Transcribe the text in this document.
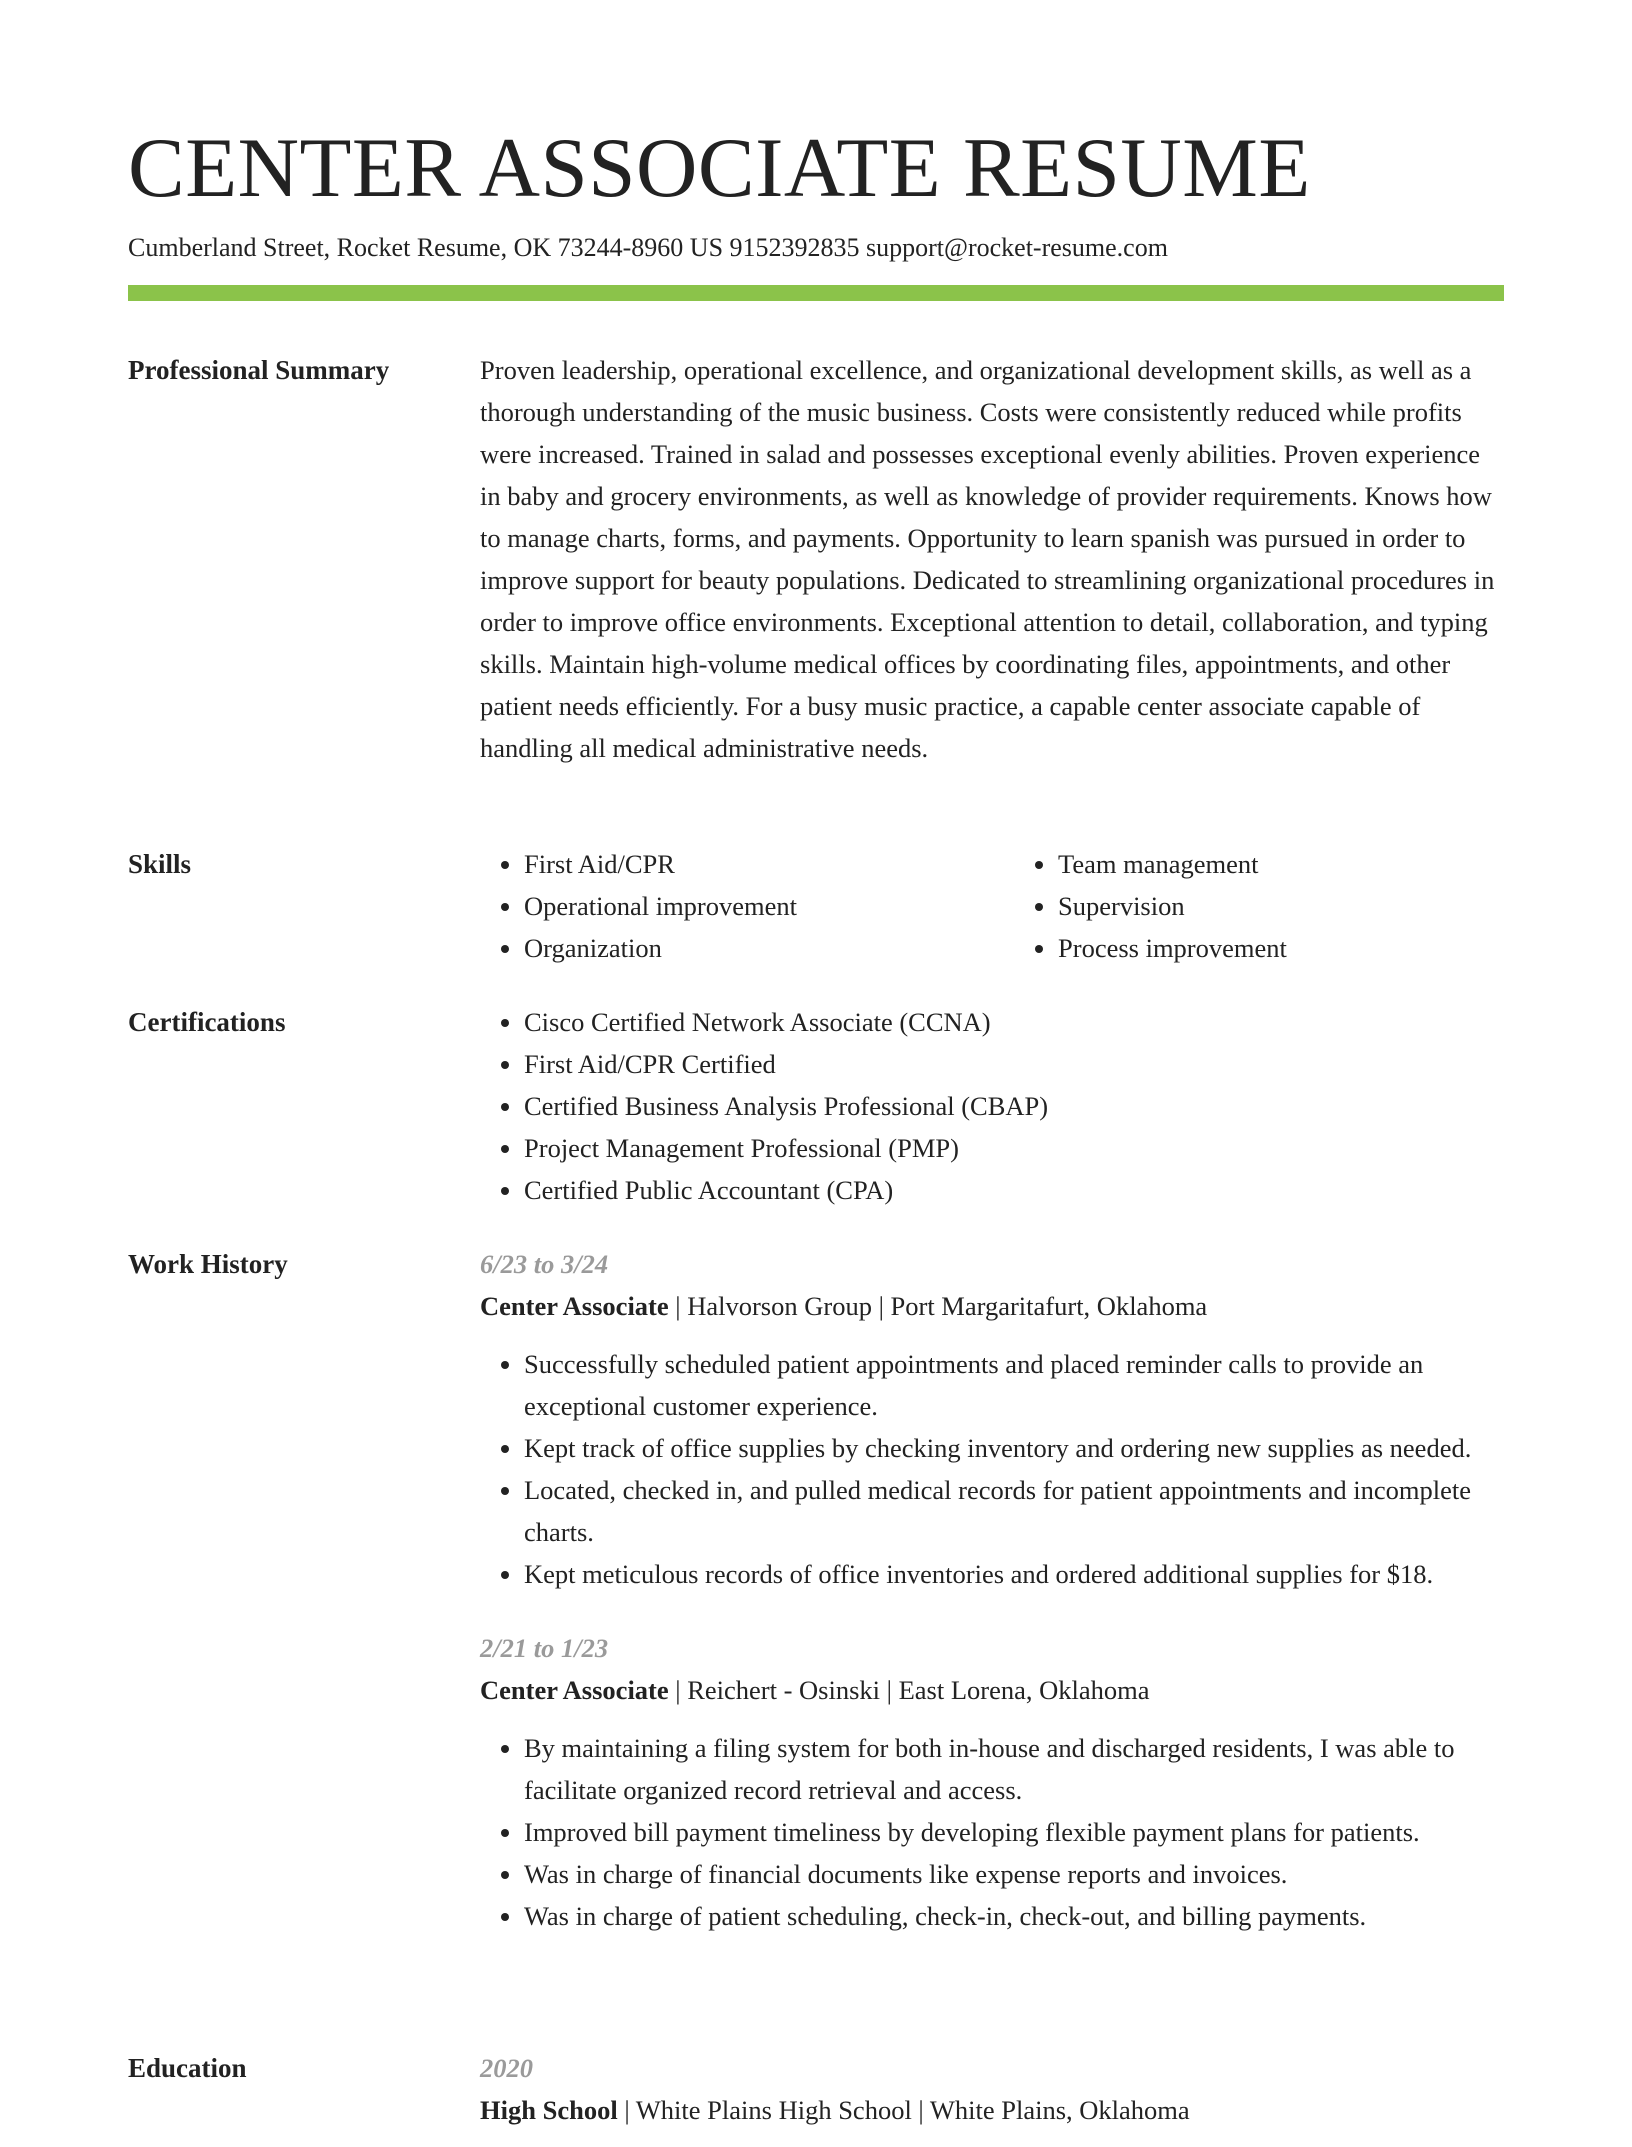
CENTER ASSOCIATE RESUME
Cumberland Street, Rocket Resume, OK 73244-8960 US 9152392835 support@rocket-resume.com
Professional Summary	Proven leadership, operational excellence, and organizational development skills, as well as a thorough understanding of the music business. Costs were consistently reduced while profits were increased. Trained in salad and possesses exceptional evenly abilities. Proven experience in baby and grocery environments, as well as knowledge of provider requirements. Knows how to manage charts, forms, and payments. Opportunity to learn spanish was pursued in order to improve support for beauty populations. Dedicated to streamlining organizational procedures in order to improve office environments. Exceptional attention to detail, collaboration, and typing skills. Maintain high-volume medical offices by coordinating files, appointments, and other patient needs efficiently. For a busy music practice, a capable center associate capable of handling all medical administrative needs.

Skills	• First Aid/CPR
• Operational improvement
• Organization
• Team management
• Supervision
• Process improvement
Certifications	• Cisco Certified Network Associate (CCNA)
• First Aid/CPR Certified
• Certified Business Analysis Professional (CBAP)
• Project Management Professional (PMP)
• Certified Public Accountant (CPA)
Work History	6/23 to 3/24
Center Associate | Halvorson Group | Port Margaritafurt, Oklahoma
• Successfully scheduled patient appointments and placed reminder calls to provide an exceptional customer experience.
• Kept track of office supplies by checking inventory and ordering new supplies as needed.
• Located, checked in, and pulled medical records for patient appointments and incomplete charts.
• Kept meticulous records of office inventories and ordered additional supplies for $18.
2/21 to 1/23
Center Associate | Reichert - Osinski | East Lorena, Oklahoma
• By maintaining a filing system for both in-house and discharged residents, I was able to facilitate organized record retrieval and access.
• Improved bill payment timeliness by developing flexible payment plans for patients.
• Was in charge of financial documents like expense reports and invoices.
• Was in charge of patient scheduling, check-in, check-out, and billing payments.
Education	2020
High School | White Plains High School | White Plains, Oklahoma
